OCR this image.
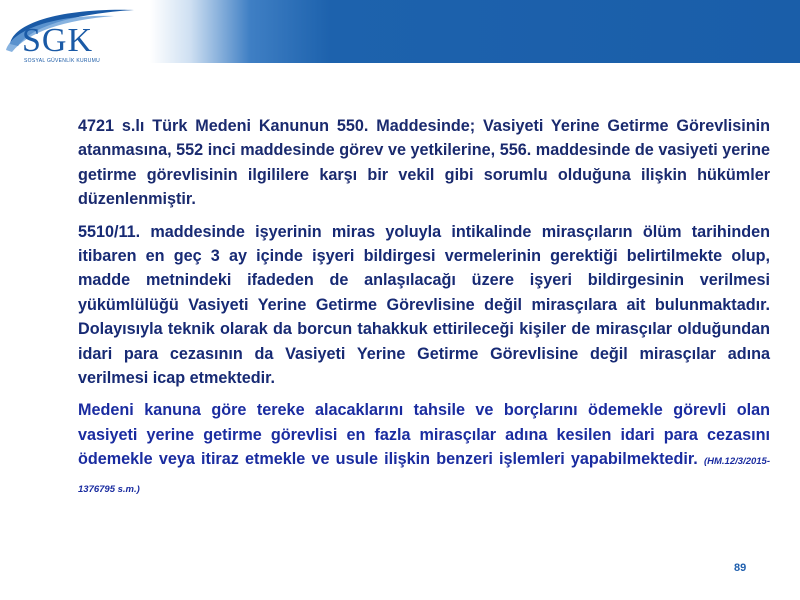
SGK
SOSYAL GÜVENLİK KURUMU

4721 s.lı Türk Medeni Kanunun 550. Maddesinde; Vasiyeti Yerine Getirme Görevlisinin atanmasına, 552 inci maddesinde görev ve yetkilerine, 556. maddesinde de vasiyeti yerine getirme görevlisinin ilgililere karşı bir vekil gibi sorumlu olduğuna ilişkin hükümler düzenlenmiştir.

5510/11. maddesinde işyerinin miras yoluyla intikalinde mirasçıların ölüm tarihinden itibaren en geç 3 ay içinde işyeri bildirgesi vermelerinin gerektiği belirtilmekte olup, madde metnindeki ifadeden de anlaşılacağı üzere işyeri bildirgesinin verilmesi yükümlülüğü Vasiyeti Yerine Getirme Görevlisine değil mirasçılara ait bulunmaktadır. Dolayısıyla teknik olarak da borcun tahakkuk ettirileceği kişiler de mirasçılar olduğundan idari para cezasının da Vasiyeti Yerine Getirme Görevlisine değil mirasçılar adına verilmesi icap etmektedir.

Medeni kanuna göre tereke alacaklarını tahsile ve borçlarını ödemekle görevli olan vasiyeti yerine getirme görevlisi en fazla mirasçılar adına kesilen idari para cezasını ödemekle veya itiraz etmekle ve usule ilişkin benzeri işlemleri yapabilmektedir. (HM.12/3/2015- 1376795 s.m.)

89
